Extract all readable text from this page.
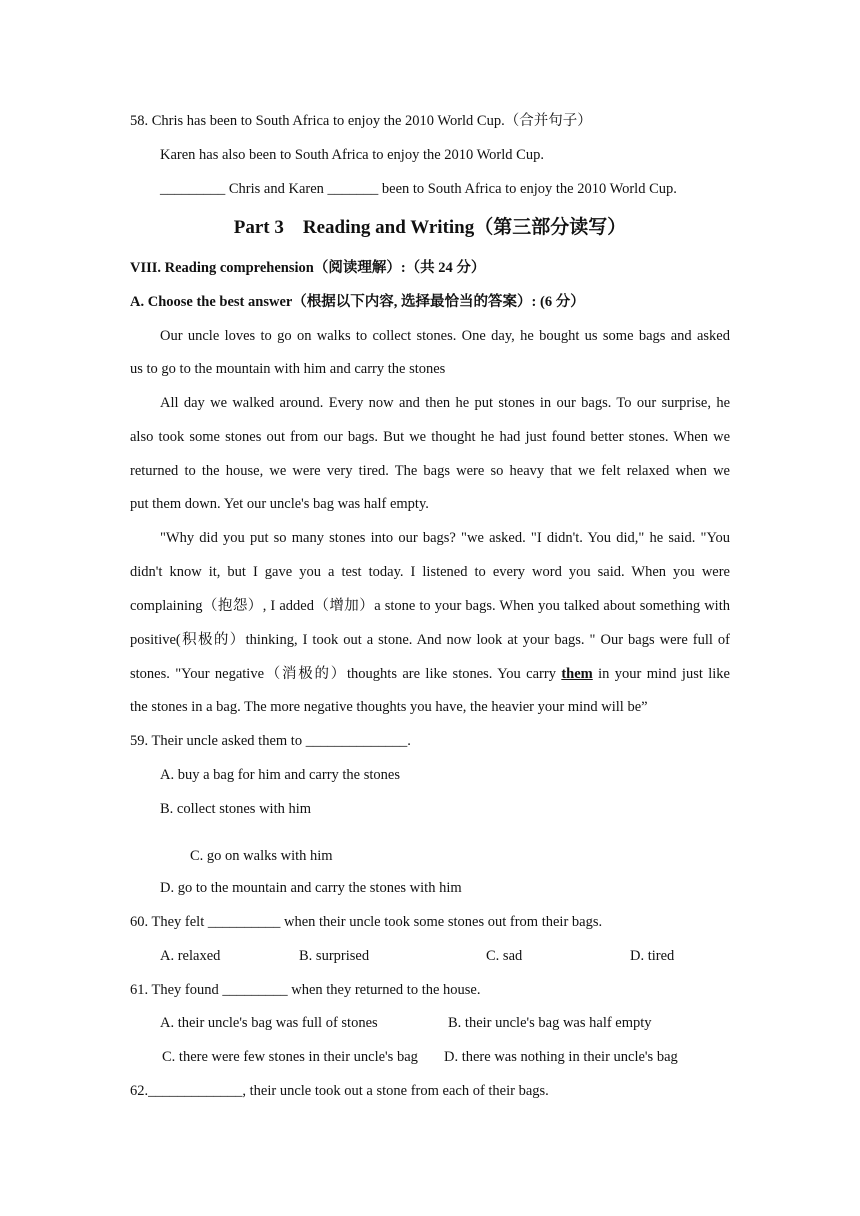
58. Chris has been to South Africa to enjoy the 2010 World Cup.（合并句子）
Karen has also been to South Africa to enjoy the 2010 World Cup.
_________ Chris and Karen _______ been to South Africa to enjoy the 2010 World Cup.
Part 3    Reading and Writing（第三部分读写）
VIII. Reading comprehension（阅读理解）:（共 24 分）
A. Choose the best answer（根据以下内容, 选择最恰当的答案）: (6 分）
Our uncle loves to go on walks to collect stones. One day, he bought us some bags and asked
us to go to the mountain with him and carry the stones
All day we walked around. Every now and then he put stones in our bags. To our surprise, he
also took some stones out from our bags. But we thought he had just found better stones. When we
returned to the house, we were very tired. The bags were so heavy that we felt relaxed when we
put them down. Yet our uncle's bag was half empty.
"Why did you put so many stones into our bags? "we asked. "I didn't. You did," he said. "You
didn't know it, but I gave you a test today. I listened to every word you said. When you were
complaining（抱怨）, I added（增加）a stone to your bags. When you talked about something with
positive(积极的）thinking, I took out a stone. And now look at your bags. " Our bags were full of
stones. "Your negative（消极的）thoughts are like stones. You carry them in your mind just like
the stones in a bag. The more negative thoughts you have, the heavier your mind will be”
59. Their uncle asked them to ______________.
A. buy a bag for him and carry the stones
B. collect stones with him
C. go on walks with him
D. go to the mountain and carry the stones with him
60. They felt __________ when their uncle took some stones out from their bags.
A. relaxed	B. surprised	C. sad	D. tired
61. They found _________ when they returned to the house.
A. their uncle's bag was full of stones	B. their uncle's bag was half empty
C. there were few stones in their uncle's bag D. there was nothing in their uncle's bag
62._____________, their uncle took out a stone from each of their bags.
